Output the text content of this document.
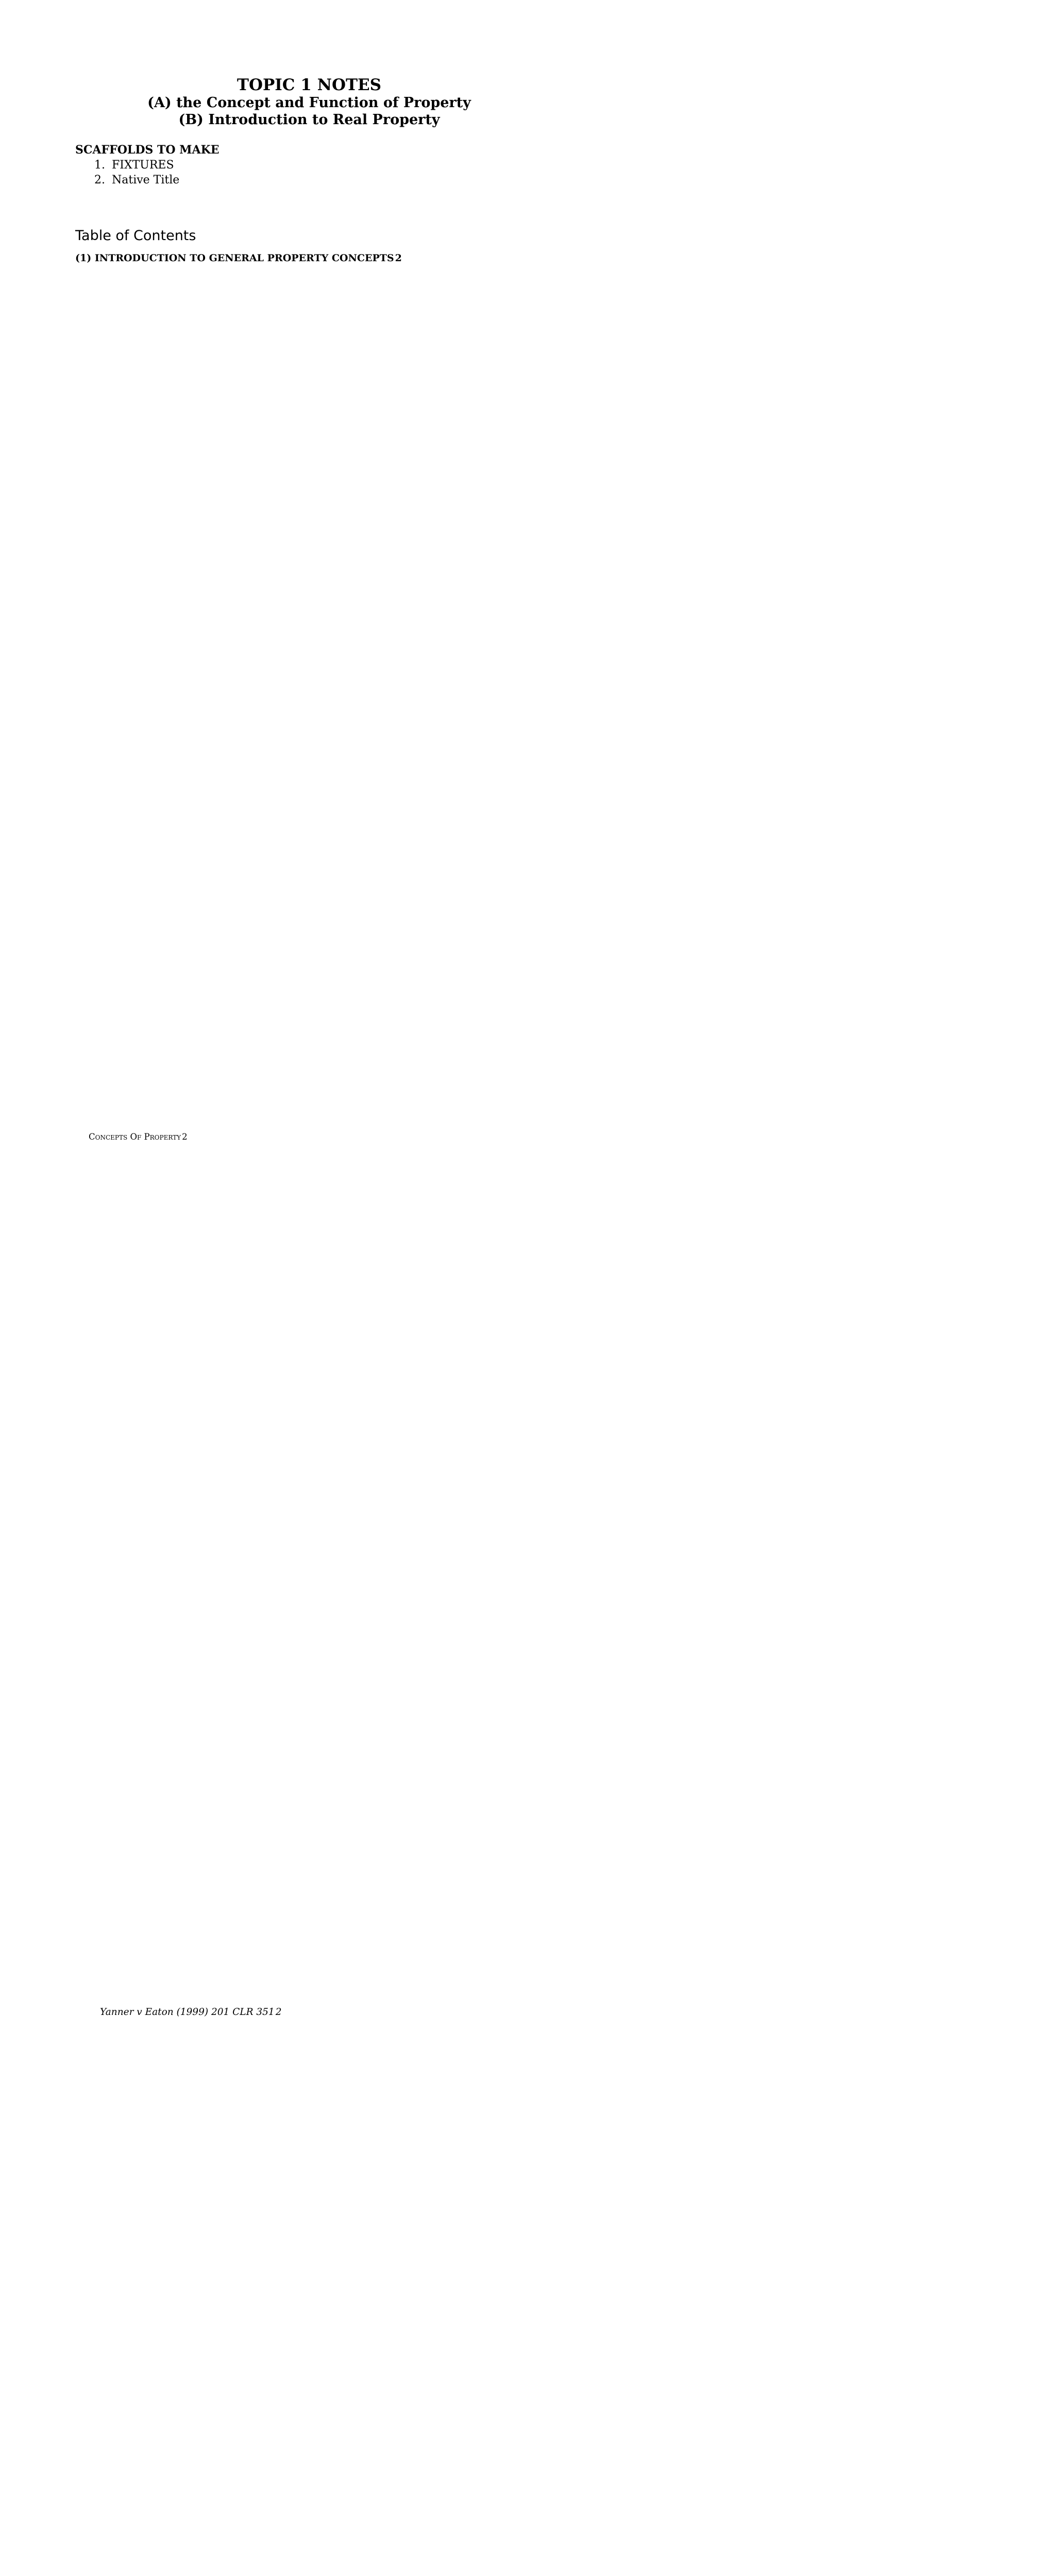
TOPIC 1 NOTES
(A) the Concept and Function of Property
(B) Introduction to Real Property
SCAFFOLDS TO MAKE
1. FIXTURES
2. Native Title
Table of Contents
(1) INTRODUCTION TO GENERAL PROPERTY CONCEPTS 2
Concepts Of Property 2
Yanner v Eaton (1999) 201 CLR 351 2
